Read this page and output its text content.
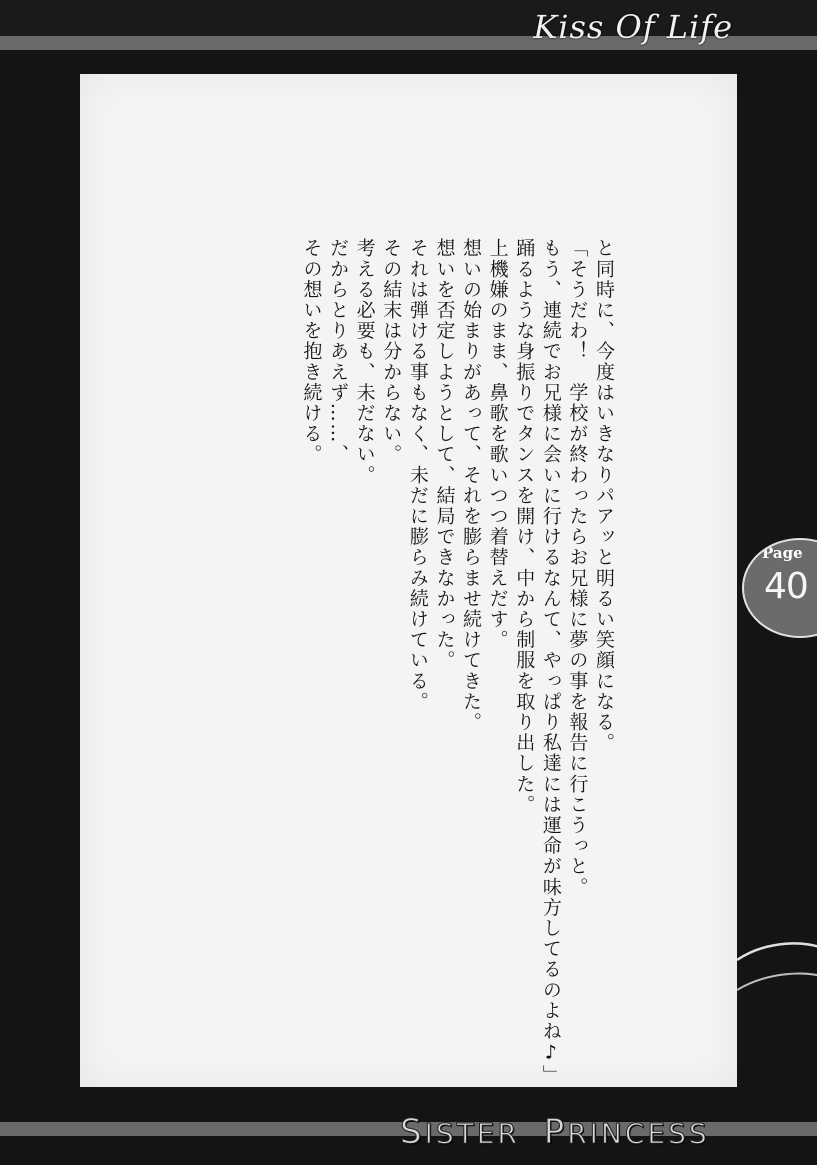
Kiss Of Life

と同時に、今度はいきなりパアッと明るい笑顔になる。

「そうだわ！　学校が終わったらお兄様に夢の事を報告に行こうっと。

もう、連続でお兄様に会いに行けるなんて、やっぱり私達には運命が味方してるのよね♪」

踊るような身振りでタンスを開け、中から制服を取り出した。

上機嫌のまま、鼻歌を歌いつつ着替えだす。

想いの始まりがあって、それを膨らませ続けてきた。

想いを否定しようとして、結局できなかった。

それは弾ける事もなく、未だに膨らみ続けている。

その結末は分からない。

考える必要も、未だない。

だからとりあえず……、

その想いを抱き続ける。

Page
40
SISTER PRINCESS
